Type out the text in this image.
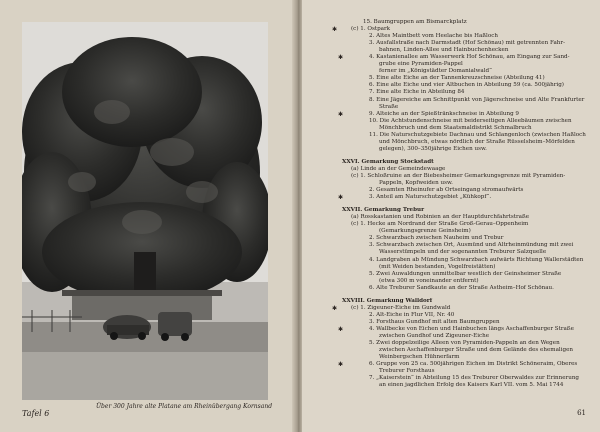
Über 300 Jahre alte Platane am Rheinübergang Kornsand
Tafel 6
15. Baumgruppen am Bismarckplatz
✱ (c) 1. Ostpark
2. Altes Maintbett vom Heelache bis Haßloch
3. Ausfallstraße nach Darmstadt (Hof Schönau) mit getrennten Fahr-
bahnen, Linden-Allee und Hainbuchenhecken
✱	4. Kastanienallee am Wasserwerk Hof Schönau, am Eingang zur Sand-
grube eine Pyramiden-Pappel
ferner im „Königstädter Domanialwald“
5. Eine alte Eiche an der Tannenkreuzschneise (Abteilung 41)
6. Eine alte Eiche und vier Altbuchen in Abteilung 59 (ca. 500jährig)
7. Eine alte Eiche in Abteilung 84
8. Eine Jägereiche am Schnittpunkt von Jägerschneise und Alte Frankfurter
Straße
✱	9. Alteiche an der Spießtränkschneise in Abteilung 9
10. Die Achtstundenschneise mit beiderseitigen Alleebäumen zwischen
Mönchbruch und dem Staatsmaldistrikt Schmalbruch
11. Die Naturschutzgebiete Dachnau und Schlangenloch (zwischen Haßloch
und Mönchbruch, etwas nördlich der Straße Rüsselsheim–Mörfelden
gelegen), 300–350jährige Eichen usw.
XXVI. Gemarkung Stockstadt
(a) Linde an der Gemeindewaage
(c) 1. Schloßruine an der Biebesheimer Gemarkungsgrenze mit Pyramiden-
Pappeln, Kopfweiden usw.
2. Gesamten Rheinufer ab Ortseingang stromaufwärts
✱	3. Anteil am Naturschutzgebiet „Kühkopf“.
XXVII. Gemarkung Trebur
(a) Rosskastanien und Robinien an der Hauptdurchfahrtstraße
(c) 1. Hecke am Nordrand der Straße Groß-Gerau–Oppenheim
(Gemarkungsgrenze Geinsheim)
2. Schwarzbach zwischen Nauheim und Trebur
3. Schwarzbach zwischen Ort, Ausmünd und Altrheinmündung mit zwei
Wasserstümpeln und der sogenannten Treburer Salzquelle
4. Landgraben ab Mündung Schwarzbach aufwärts Richtung Wallerstädten
(mit Weiden bestanden, Vogelfreistätten)
5. Zwei Auwaldungen unmittelbar westlich der Geinsheimer Straße
(etwa 300 m voneinander entfernt)
6. Alte Treburer Sandkaute an der Straße Astheim–Hof Schönau.
XXVIII. Gemarkung Walldorf
✱ (c) 1. Zigeuner-Eiche im Gundwald
2. Alt-Eiche in Flur VII, Nr. 40
3. Forsthaus Gundhof mit alten Baumgruppen
✱	4. Wallbecke von Eichen und Hainbuchen längs Aschaffenburger Straße
zwischen Gundhof und Zigeuner-Eiche
5. Zwei doppelzeilige Alleen von Pyramiden-Pappeln an den Wegen
zwischen Aschaffenburger Straße und dem Gelände des ehemaligen
Weinbergschen Hühnerfarm
✱	6. Gruppe von 25 ca. 500jährigen Eichen im Distrikt Schöneraim, Oberes
Treburer Forsthaus
7. „Kaiserstein“ in Abteilung 15 des Treburer Oberwaldes zur Erinnerung
an einen jagdlichen Erfolg des Kaisers Karl VII. vom 5. Mai 1744
61
